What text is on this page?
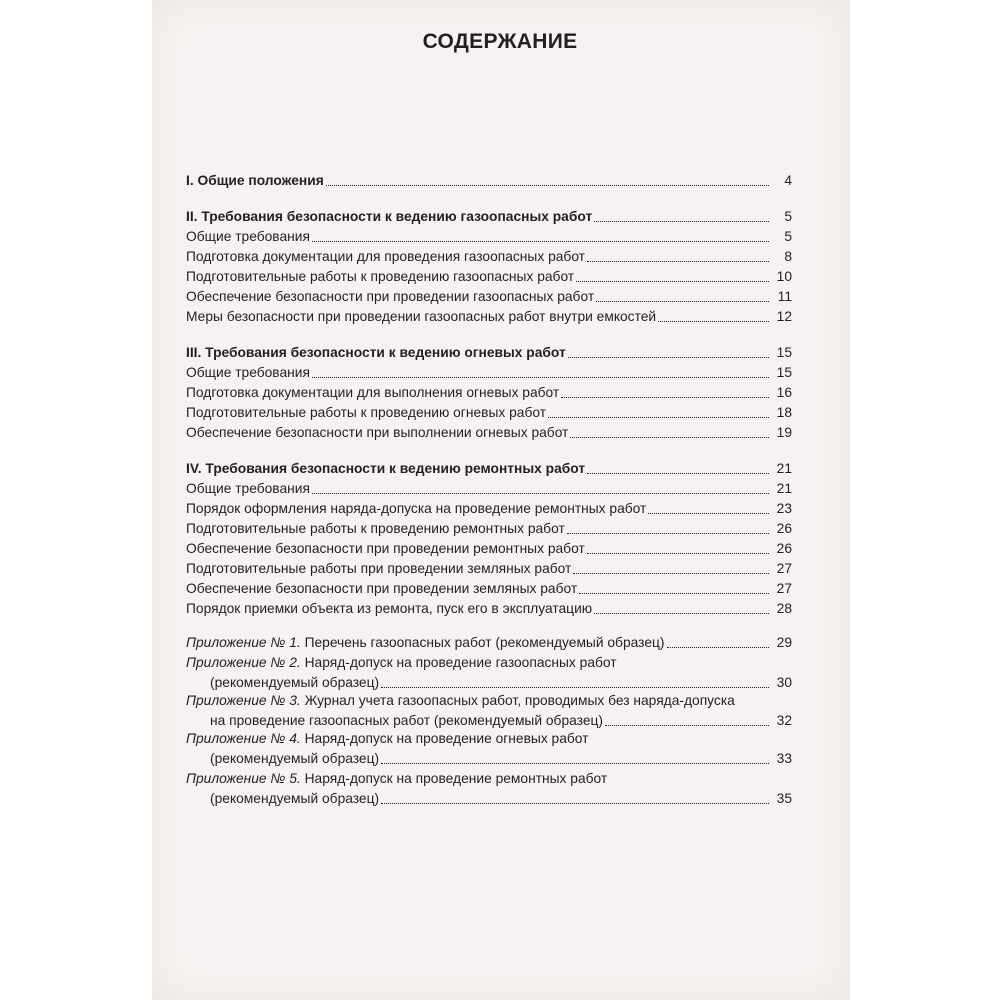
СОДЕРЖАНИЕ
I. Общие положения	4
II. Требования безопасности к ведению газоопасных работ	5
Общие требования	5
Подготовка документации для проведения газоопасных работ	8
Подготовительные работы к проведению газоопасных работ	10
Обеспечение безопасности при проведении газоопасных работ	11
Меры безопасности при проведении газоопасных работ внутри емкостей	12
III. Требования безопасности к ведению огневых работ	15
Общие требования	15
Подготовка документации для выполнения огневых работ	16
Подготовительные работы к проведению огневых работ	18
Обеспечение безопасности при выполнении огневых работ	19
IV. Требования безопасности к ведению ремонтных работ	21
Общие требования	21
Порядок оформления наряда-допуска на проведение ремонтных работ	23
Подготовительные работы к проведению ремонтных работ	26
Обеспечение безопасности при проведении ремонтных работ	26
Подготовительные работы при проведении земляных работ	27
Обеспечение безопасности при проведении земляных работ	27
Порядок приемки объекта из ремонта, пуск его в эксплуатацию	28
Приложение № 1. Перечень газоопасных работ (рекомендуемый образец)	29
Приложение № 2. Наряд-допуск на проведение газоопасных работ
(рекомендуемый образец)	30
Приложение № 3. Журнал учета газоопасных работ, проводимых без наряда-допуска
на проведение газоопасных работ (рекомендуемый образец)	32
Приложение № 4. Наряд-допуск на проведение огневых работ
(рекомендуемый образец)	33
Приложение № 5. Наряд-допуск на проведение ремонтных работ
(рекомендуемый образец)	35
